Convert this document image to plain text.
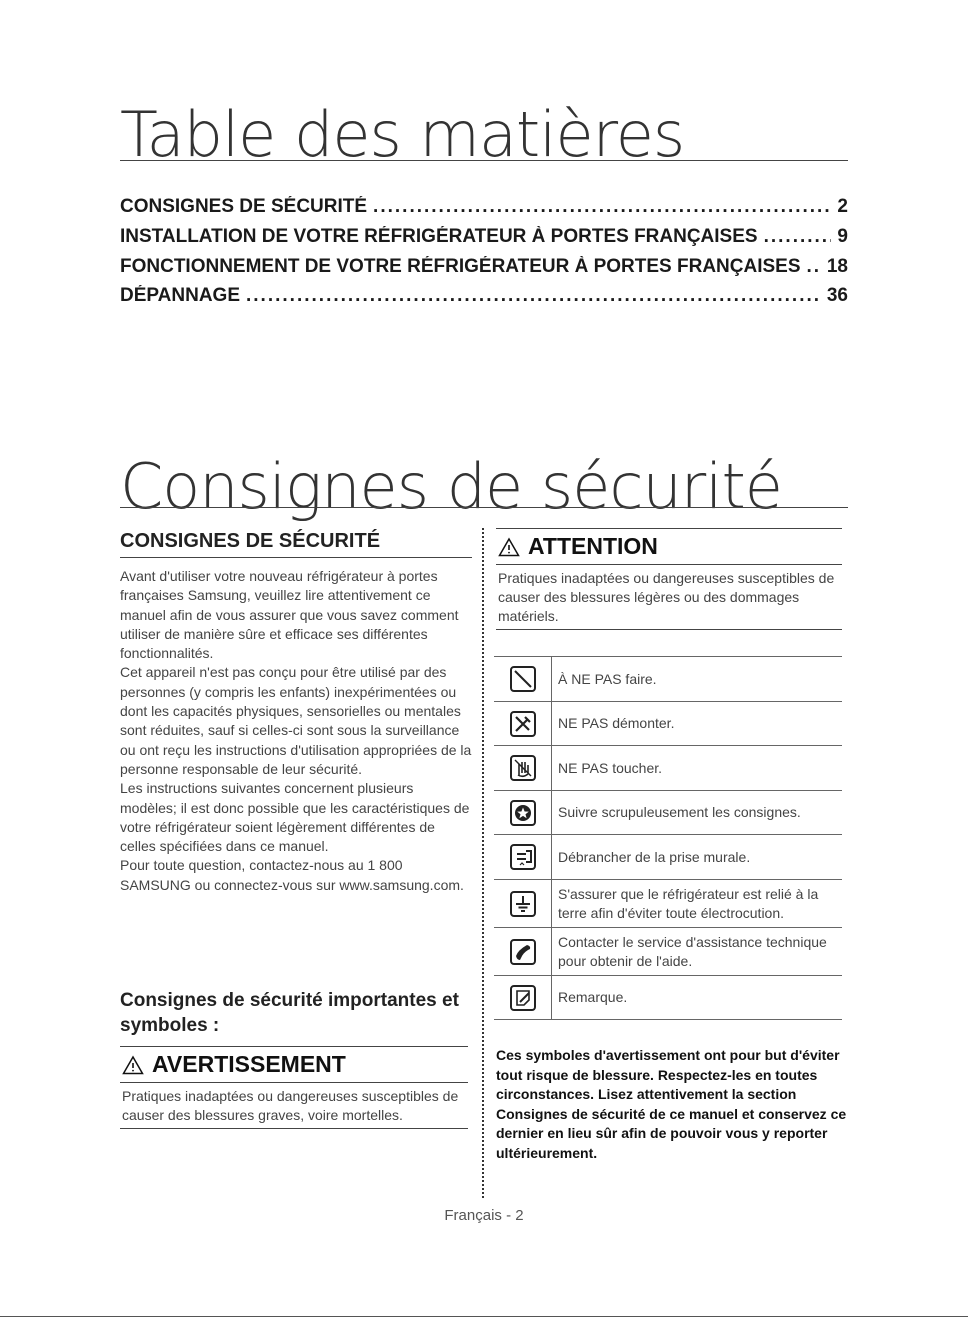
Table des matières
CONSIGNES DE SÉCURITÉ .....	2
INSTALLATION DE VOTRE RÉFRIGÉRATEUR À PORTES FRANÇAISES .....	9
FONCTIONNEMENT DE VOTRE RÉFRIGÉRATEUR À PORTES FRANÇAISES ..... 18
DÉPANNAGE .....	36
Consignes de sécurité
CONSIGNES DE SÉCURITÉ

Avant d'utiliser votre nouveau réfrigérateur à portes françaises Samsung, veuillez lire attentivement ce manuel afin de vous assurer que vous savez comment utiliser de manière sûre et efficace ses différentes fonctionnalités.

Cet appareil n'est pas conçu pour être utilisé par des personnes (y compris les enfants) inexpérimentées ou dont les capacités physiques, sensorielles ou mentales sont réduites, sauf si celles-ci sont sous la surveillance ou ont reçu les instructions d'utilisation appropriées de la personne responsable de leur sécurité.

Les instructions suivantes concernent plusieurs modèles; il est donc possible que les caractéristiques de votre réfrigérateur soient légèrement différentes de celles spécifiées dans ce manuel.

Pour toute question, contactez-nous au 1 800 SAMSUNG ou connectez-vous sur www.samsung.com.

Consignes de sécurité importantes et symboles :
AVERTISSEMENT
Pratiques inadaptées ou dangereuses susceptibles de causer des blessures graves, voire mortelles.
ATTENTION
Pratiques inadaptées ou dangereuses susceptibles de causer des blessures légères ou des dommages matériels.
	À NE PAS faire.
	NE PAS démonter.
	NE PAS toucher.
	Suivre scrupuleusement les consignes.
	Débrancher de la prise murale.
	S'assurer que le réfrigérateur est relié à la terre afin d'éviter toute électrocution.
	Contacter le service d'assistance technique pour obtenir de l'aide.
	Remarque.

Ces symboles d'avertissement ont pour but d'éviter tout risque de blessure. Respectez-les en toutes circonstances. Lisez attentivement la section Consignes de sécurité de ce manuel et conservez ce dernier en lieu sûr afin de pouvoir vous y reporter ultérieurement.

Français - 2
